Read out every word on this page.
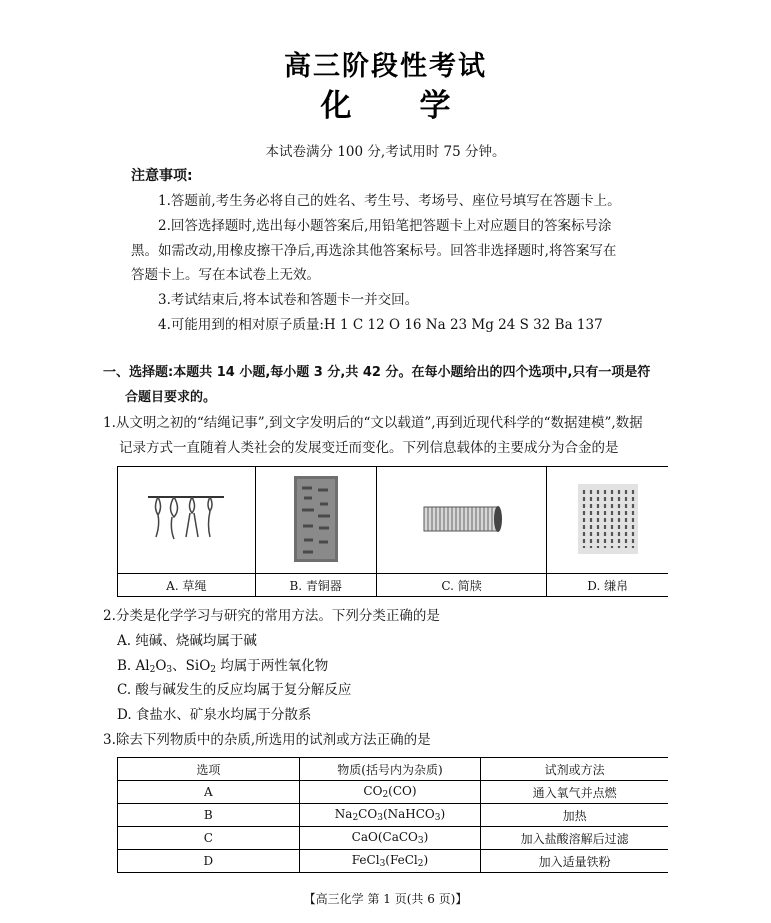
高三阶段性考试
化学
本试卷满分 100 分,考试用时 75 分钟。
注意事项:
1.答题前,考生务必将自己的姓名、考生号、考场号、座位号填写在答题卡上。
2.回答选择题时,选出每小题答案后,用铅笔把答题卡上对应题目的答案标号涂
黑。如需改动,用橡皮擦干净后,再选涂其他答案标号。回答非选择题时,将答案写在
答题卡上。写在本试卷上无效。
3.考试结束后,将本试卷和答题卡一并交回。
4.可能用到的相对原子质量:H 1 C 12 O 16 Na 23 Mg 24 S 32 Ba 137
一、选择题:本题共 14 小题,每小题 3 分,共 42 分。在每小题给出的四个选项中,只有一项是符
合题目要求的。
1.从文明之初的“结绳记事”,到文字发明后的“文以载道”,再到近现代科学的“数据建模”,数据
记录方式一直随着人类社会的发展变迁而变化。下列信息载体的主要成分为合金的是

A. 草绳	B. 青铜器	C. 简牍	D. 缣帛
2.分类是化学学习与研究的常用方法。下列分类正确的是
A. 纯碱、烧碱均属于碱
B. $Al_2O_3$、SiO$_2$ 均属于两性氧化物
C. 酸与碱发生的反应均属于复分解反应
D. 食盐水、矿泉水均属于分散系
3.除去下列物质中的杂质,所选用的试剂或方法正确的是
选项	物质(括号内为杂质)	试剂或方法
A	$CO_2(CO)$	通入氧气并点燃
B	$Na_2CO_3(NaHCO_3)$	加热
C	CaO(CaCO$_3$)	加入盐酸溶解后过滤
D	FeCl$_3$(FeCl$_2$)	加入适量铁粉
【高三化学 第 1 页(共 6 页)】
